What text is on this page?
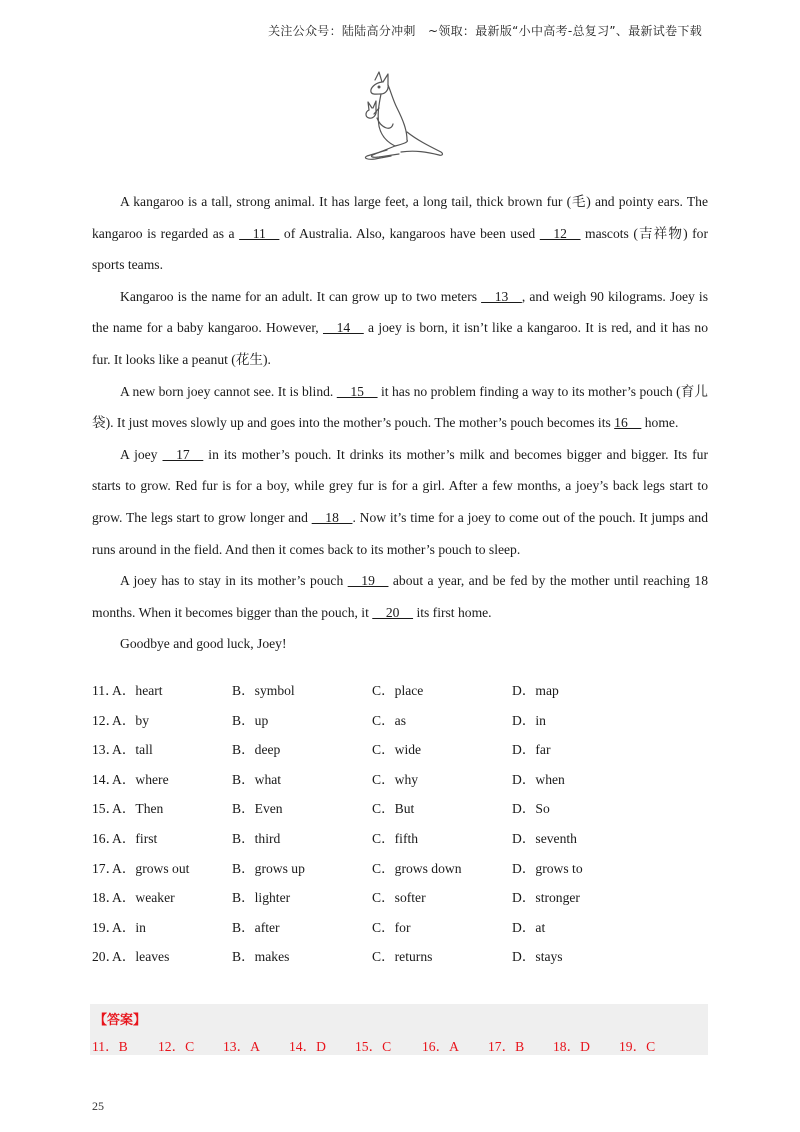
关注公众号：陆陆高分冲刺　~领取：最新版“小中高考-总复习”、最新试卷下载

A kangaroo is a tall, strong animal. It has large feet, a long tail, thick brown fur (毛) and pointy ears. The kangaroo is regarded as a     11     of Australia. Also, kangaroos have been used     12     mascots (吉祥物) for sports teams.

Kangaroo is the name for an adult. It can grow up to two meters     13    , and weigh 90 kilograms. Joey is the name for a baby kangaroo. However,     14     a joey is born, it isn’t like a kangaroo. It is red, and it has no fur. It looks like a peanut (花生).

A new born joey cannot see. It is blind.     15     it has no problem finding a way to its mother’s pouch (育儿袋). It just moves slowly up and goes into the mother’s pouch. The mother’s pouch becomes its 16     home.

A joey     17     in its mother’s pouch. It drinks its mother’s milk and becomes bigger and bigger. Its fur starts to grow. Red fur is for a boy, while grey fur is for a girl. After a few months, a joey’s back legs start to grow. The legs start to grow longer and     18    . Now it’s time for a joey to come out of the pouch. It jumps and runs around in the field. And then it comes back to its mother’s pouch to sleep.

A joey has to stay in its mother’s pouch     19     about a year, and be fed by the mother until reaching 18 months. When it becomes bigger than the pouch, it     20     its first home.

Goodbye and good luck, Joey!

11．
A．heart	B．symbol	C．place	D．map
12．
A．by	B．up	C．as	D．in
13．
A．tall	B．deep	C．wide	D．far
14．
A．where	B．what	C．why	D．when
15．
A．Then	B．Even	C．But	D．So
16．
A．first	B．third	C．fifth	D．seventh
17．
A．grows out	B．grows up	C．grows down	D．grows to
18．
A．weaker	B．lighter	C．softer	D．stronger
19．
A．in	B．after	C．for	D．at
20．
A．leaves	B．makes	C．returns	D．stays
【答案】
11．B 12．C 13．A 14．D 15．C 16．A 17．B 18．D 19．C
25
